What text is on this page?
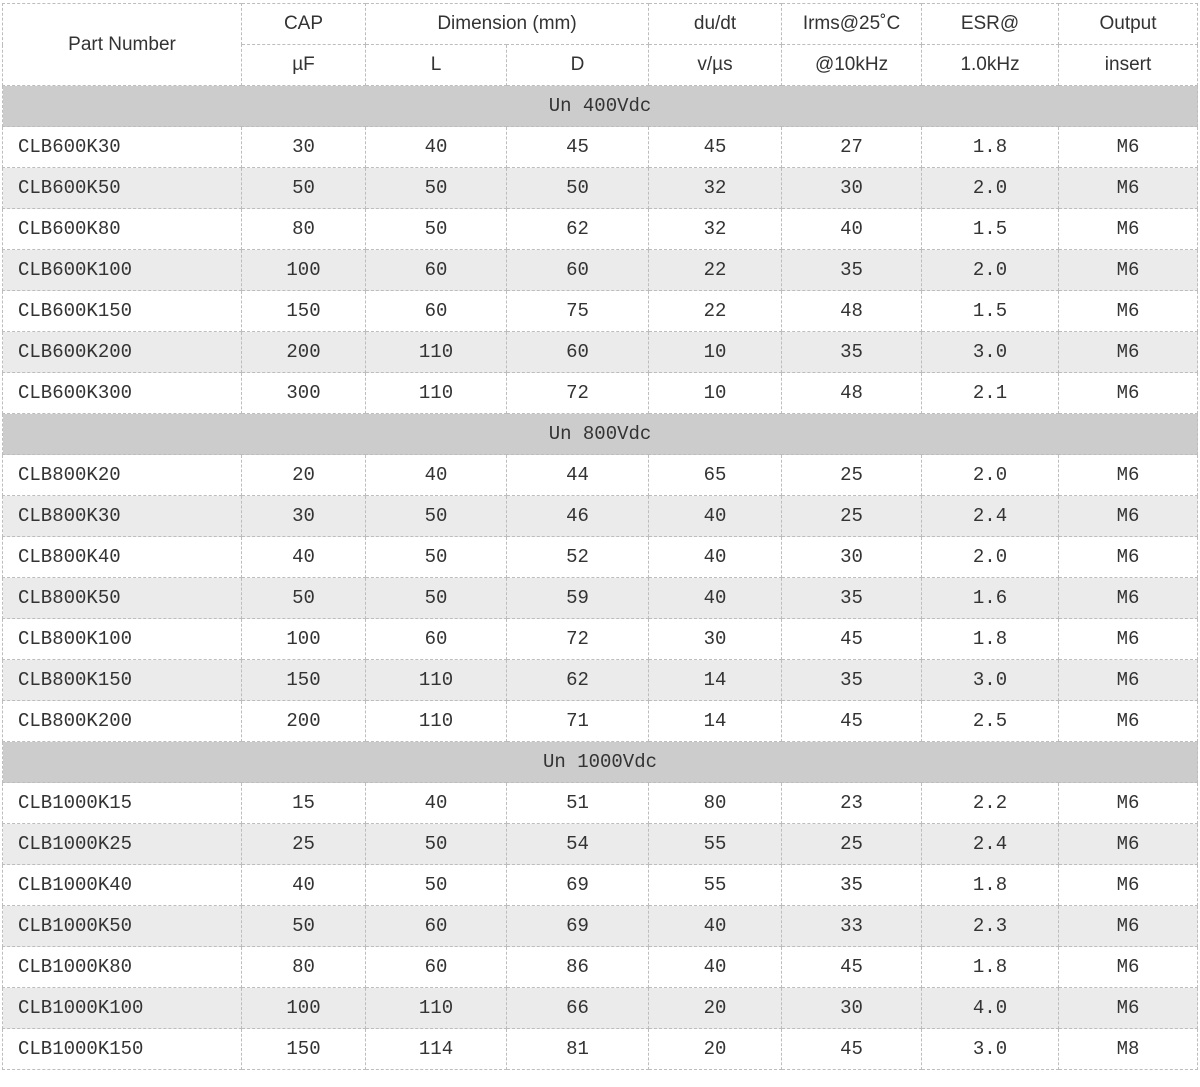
Part Number	CAP	Dimension (mm)		du/dt	Irms@25˚C	ESR@	Output
	µF	L	D	v/µs	@10kHz	1.0kHz	insert
Un 400Vdc							
CLB600K30	30	40	45	45	27	1.8	M6
CLB600K50	50	50	50	32	30	2.0	M6
CLB600K80	80	50	62	32	40	1.5	M6
CLB600K100	100	60	60	22	35	2.0	M6
CLB600K150	150	60	75	22	48	1.5	M6
CLB600K200	200	110	60	10	35	3.0	M6
CLB600K300	300	110	72	10	48	2.1	M6
Un 800Vdc							
CLB800K20	20	40	44	65	25	2.0	M6
CLB800K30	30	50	46	40	25	2.4	M6
CLB800K40	40	50	52	40	30	2.0	M6
CLB800K50	50	50	59	40	35	1.6	M6
CLB800K100	100	60	72	30	45	1.8	M6
CLB800K150	150	110	62	14	35	3.0	M6
CLB800K200	200	110	71	14	45	2.5	M6
Un 1000Vdc							
CLB1000K15	15	40	51	80	23	2.2	M6
CLB1000K25	25	50	54	55	25	2.4	M6
CLB1000K40	40	50	69	55	35	1.8	M6
CLB1000K50	50	60	69	40	33	2.3	M6
CLB1000K80	80	60	86	40	45	1.8	M6
CLB1000K100	100	110	66	20	30	4.0	M6
CLB1000K150	150	114	81	20	45	3.0	M8
